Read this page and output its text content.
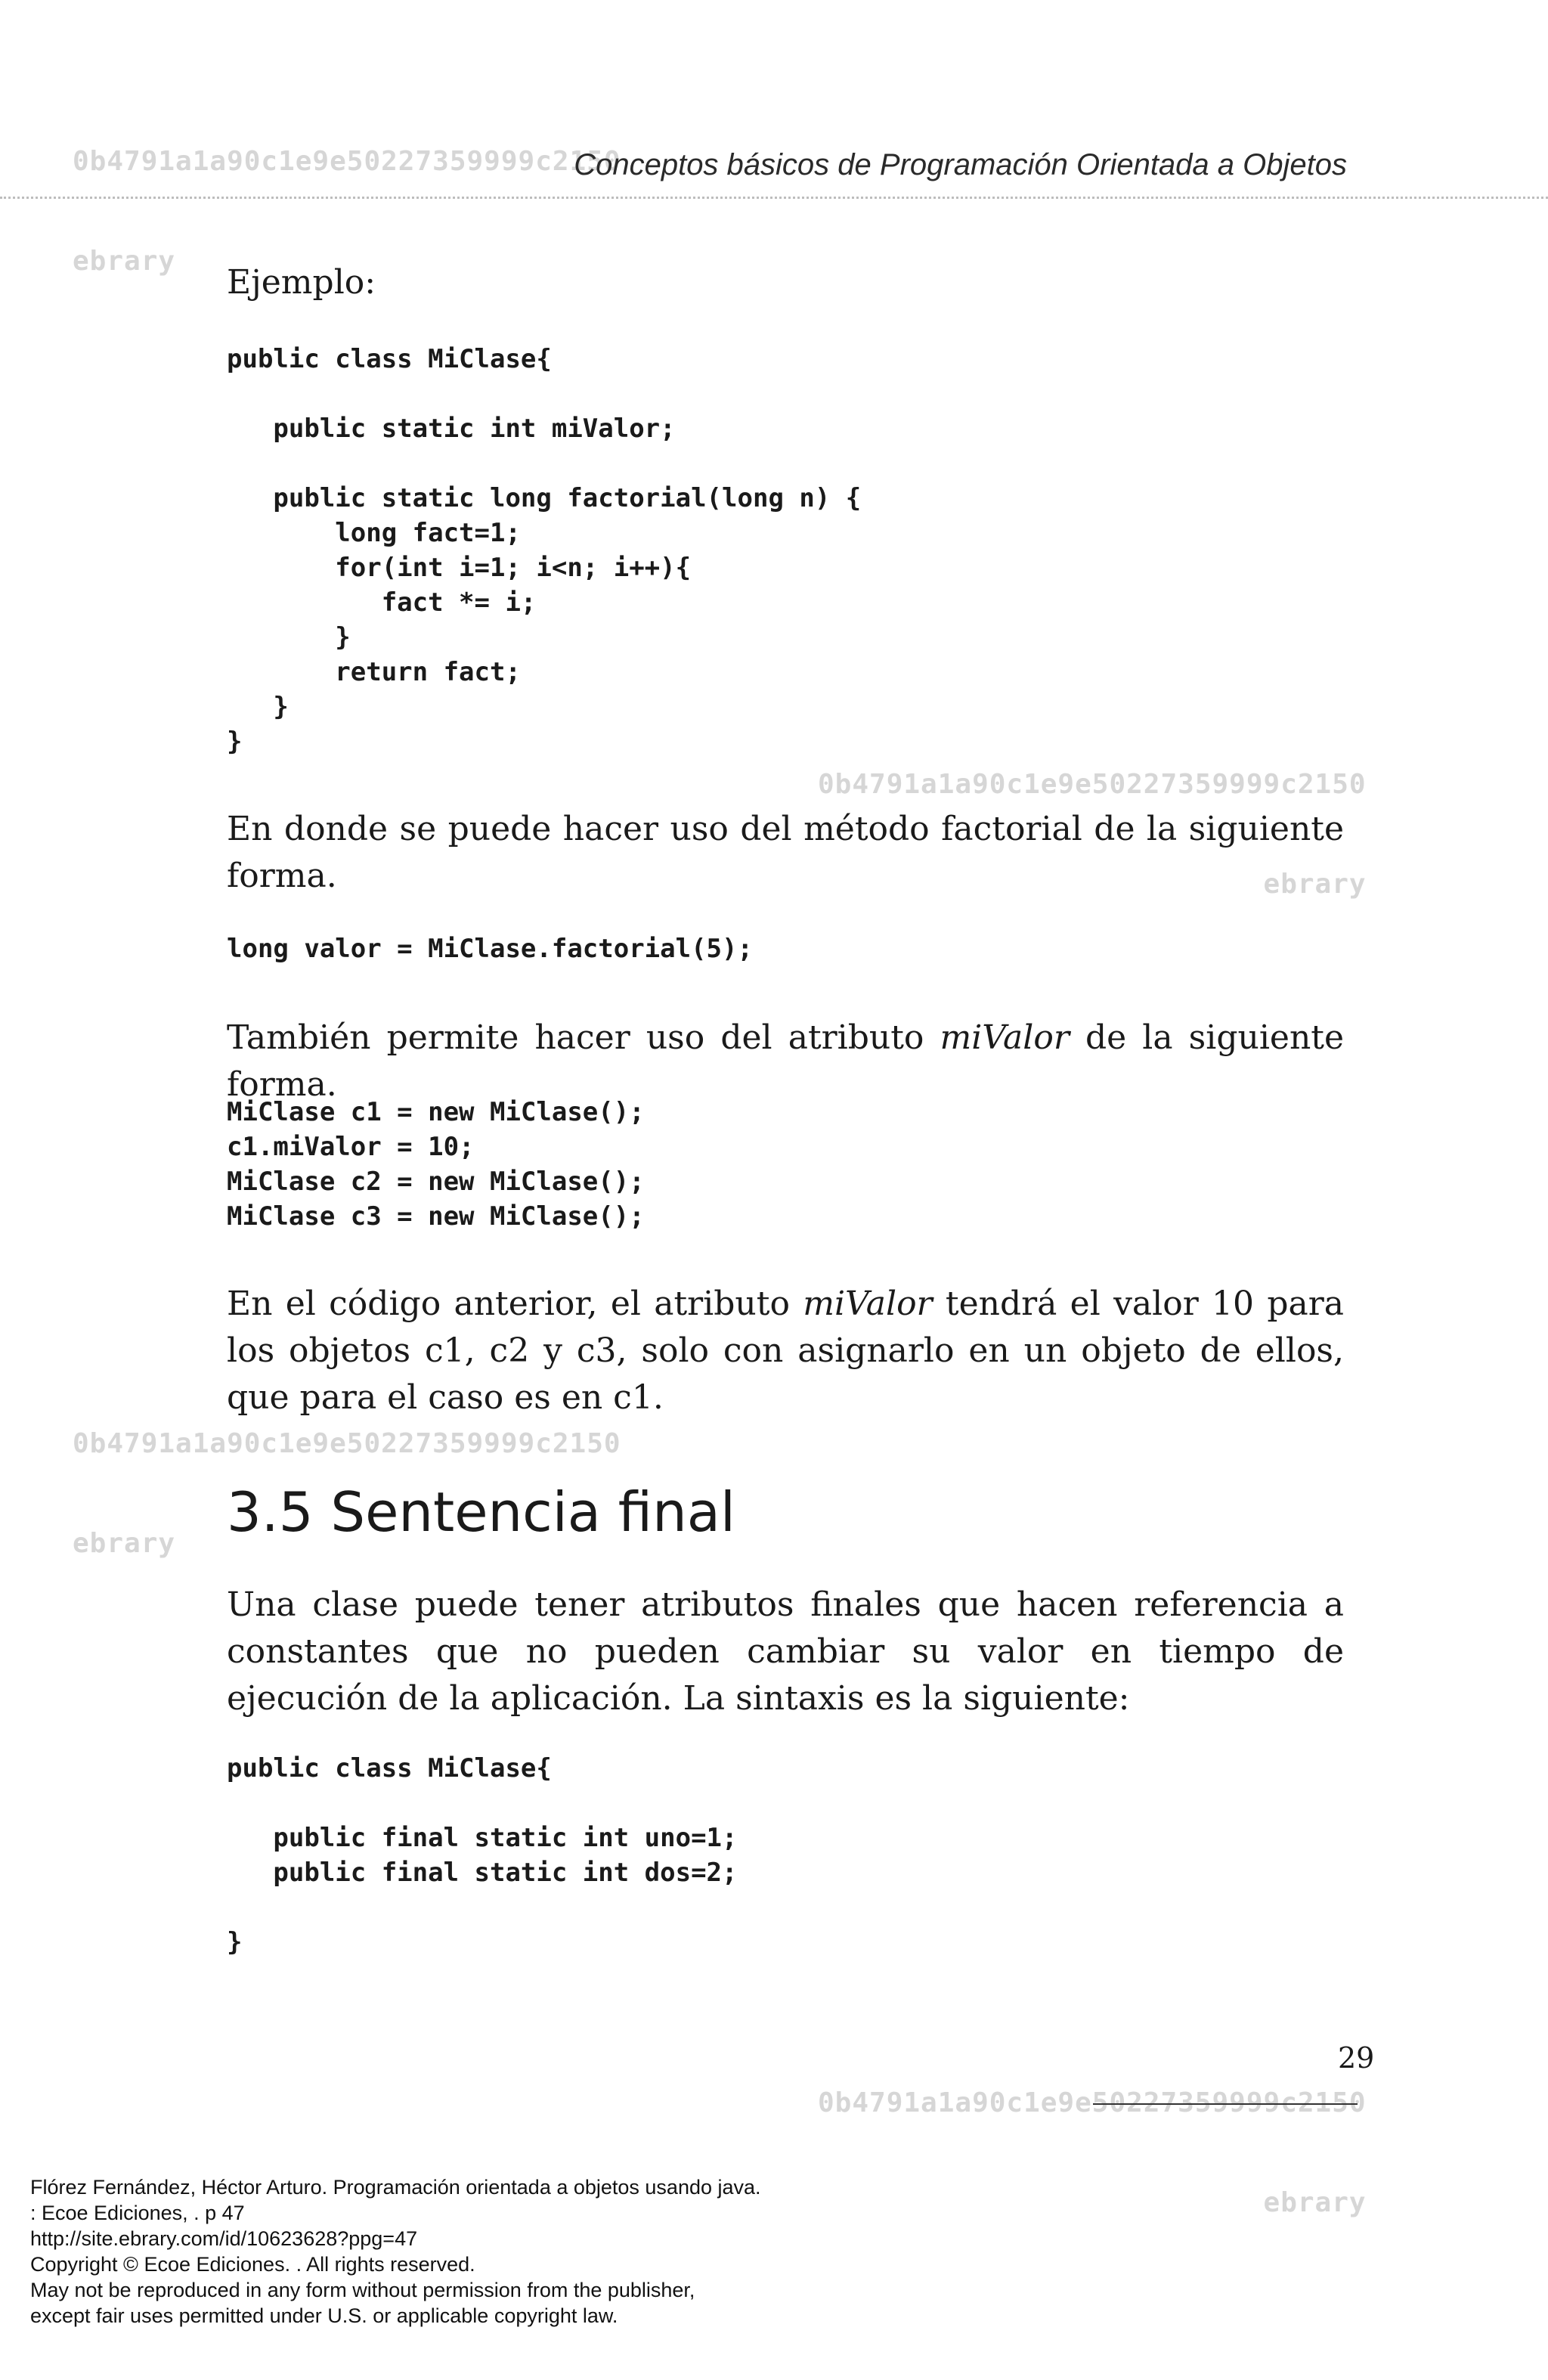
0b4791a1a90c1e9e50227359999c2150

ebrary

0b4791a1a90c1e9e50227359999c2150

ebrary

0b4791a1a90c1e9e50227359999c2150

ebrary

0b4791a1a90c1e9e50227359999c2150

ebrary

Conceptos básicos de Programación Orientada a Objetos
Ejemplo:
public class MiClase{

public static int miValor;

public static long factorial(long n) {
long fact=1;
for(int i=1; i<n; i++){
fact *= i;
}
return fact;
}
}
En donde se puede hacer uso del método factorial de la siguiente forma.
long valor = MiClase.factorial(5);
También permite hacer uso del atributo miValor de la siguiente forma.
MiClase c1 = new MiClase();
c1.miValor = 10;
MiClase c2 = new MiClase();
MiClase c3 = new MiClase();
En el código anterior, el atributo miValor tendrá el valor 10 para los objetos c1, c2 y c3, solo con asignarlo en un objeto de ellos, que para el caso es en c1.
3.5 Sentencia final
Una clase puede tener atributos finales que hacen referencia a constantes que no pueden cambiar su valor en tiempo de ejecución de la aplicación. La sintaxis es la siguiente:
public class MiClase{

public final static int uno=1;
public final static int dos=2;

}
29
Flórez Fernández, Héctor Arturo. Programación orientada a objetos usando java.
: Ecoe Ediciones, . p 47
http://site.ebrary.com/id/10623628?ppg=47
Copyright © Ecoe Ediciones. . All rights reserved.
May not be reproduced in any form without permission from the publisher,
except fair uses permitted under U.S. or applicable copyright law.
